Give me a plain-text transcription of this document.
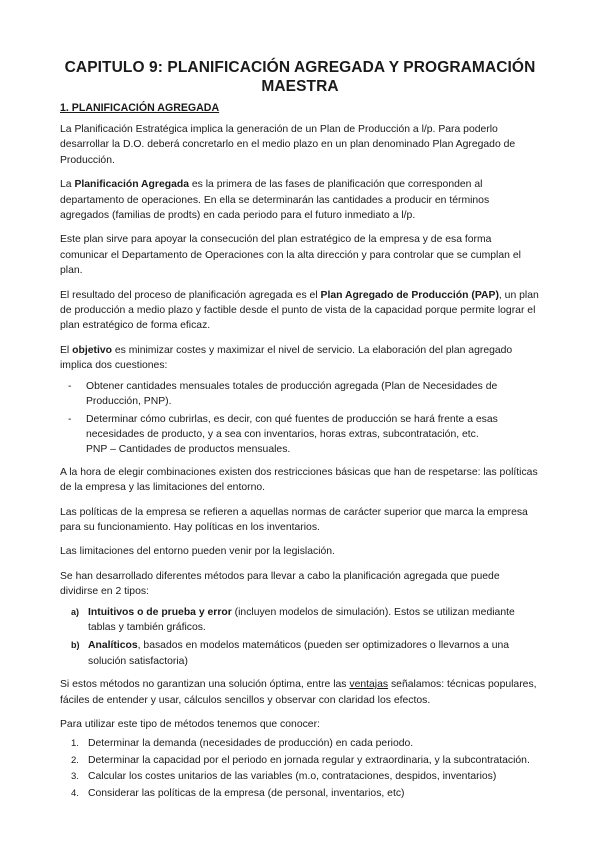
CAPITULO 9: PLANIFICACIÓN AGREGADA Y PROGRAMACIÓN MAESTRA
1. PLANIFICACIÓN AGREGADA

La Planificación Estratégica implica la generación de un Plan de Producción a l/p. Para poderlo desarrollar la D.O. deberá concretarlo en el medio plazo en un plan denominado Plan Agregado de Producción.

La Planificación Agregada es la primera de las fases de planificación que corresponden al departamento de operaciones. En ella se determinarán las cantidades a producir en términos agregados (familias de prodts) en cada periodo para el futuro inmediato a l/p.

Este plan sirve para apoyar la consecución del plan estratégico de la empresa y de esa forma comunicar el Departamento de Operaciones con la alta dirección y para controlar que se cumplan el plan.

El resultado del proceso de planificación agregada es el Plan Agregado de Producción (PAP), un plan de producción a medio plazo y factible desde el punto de vista de la capacidad porque permite lograr el plan estratégico de forma eficaz.

El objetivo es minimizar costes y maximizar el nivel de servicio. La elaboración del plan agregado implica dos cuestiones:

- Obtener cantidades mensuales totales de producción agregada (Plan de Necesidades de Producción, PNP).
- Determinar cómo cubrirlas, es decir, con qué fuentes de producción se hará frente a esas necesidades de producto, y a sea con inventarios, horas extras, subcontratación, etc.
PNP – Cantidades de productos mensuales.

A la hora de elegir combinaciones existen dos restricciones básicas que han de respetarse: las políticas de la empresa y las limitaciones del entorno.

Las políticas de la empresa se refieren a aquellas normas de carácter superior que marca la empresa para su funcionamiento. Hay políticas en los inventarios.

Las limitaciones del entorno pueden venir por la legislación.

Se han desarrollado diferentes métodos para llevar a cabo la planificación agregada que puede dividirse en 2 tipos:

a) Intuitivos o de prueba y error (incluyen modelos de simulación). Estos se utilizan mediante tablas y también gráficos.
b) Analíticos, basados en modelos matemáticos (pueden ser optimizadores o llevarnos a una solución satisfactoria)

Si estos métodos no garantizan una solución óptima, entre las ventajas señalamos: técnicas populares, fáciles de entender y usar, cálculos sencillos y observar con claridad los efectos.

Para utilizar este tipo de métodos tenemos que conocer:

1. Determinar la demanda (necesidades de producción) en cada periodo.
2. Determinar la capacidad por el periodo en jornada regular y extraordinaria, y la subcontratación.
3. Calcular los costes unitarios de las variables (m.o, contrataciones, despidos, inventarios)
4. Considerar las políticas de la empresa (de personal, inventarios, etc)
